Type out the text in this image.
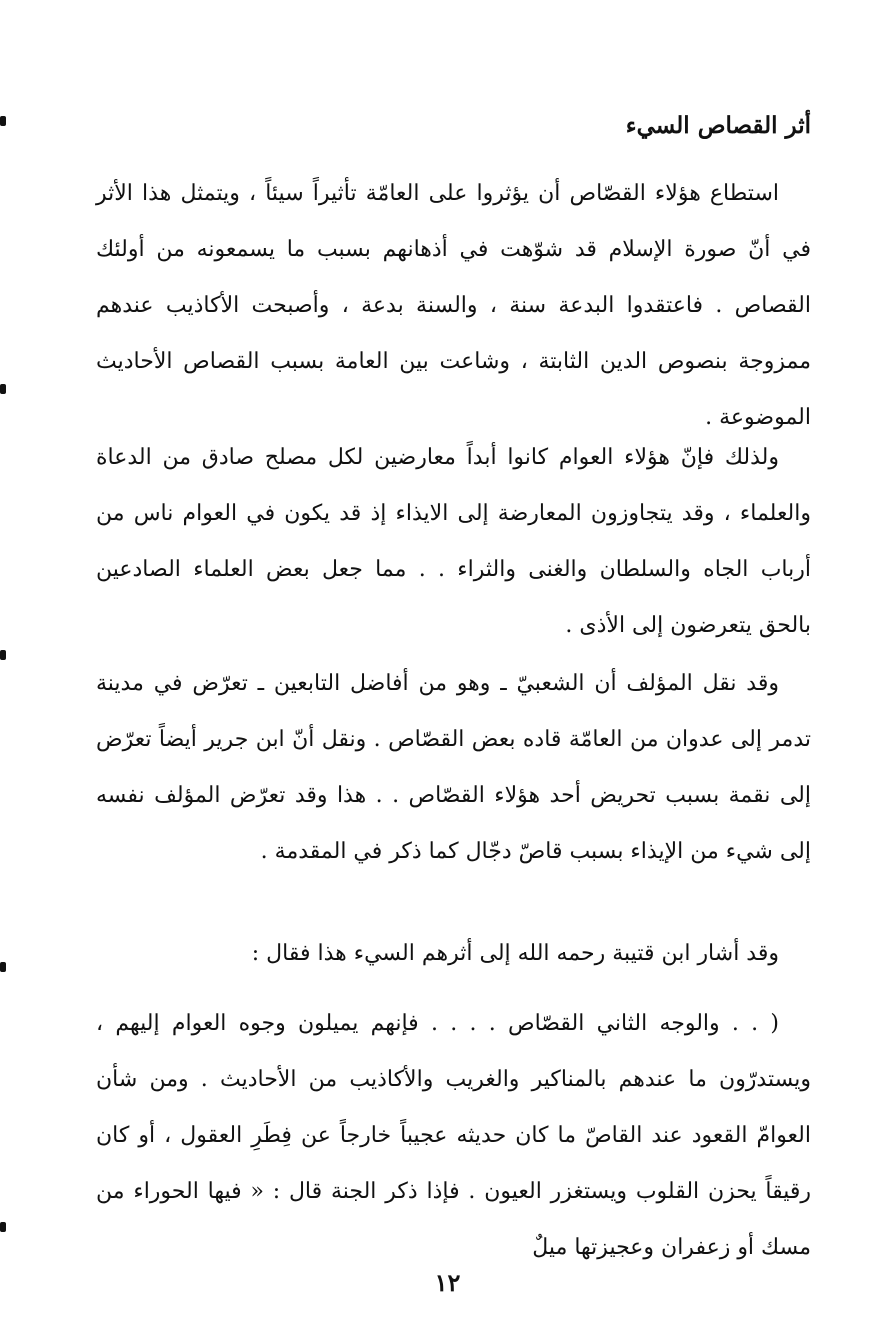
أثر القصاص السيء

استطاع هؤلاء القصّاص أن يؤثروا على العامّة تأثيراً سيئاً ، ويتمثل هذا الأثر في أنّ صورة الإسلام قد شوّهت في أذهانهم بسبب ما يسمعونه من أولئك القصاص . فاعتقدوا البدعة سنة ، والسنة بدعة ، وأصبحت الأكاذيب عندهم ممزوجة بنصوص الدين الثابتة ، وشاعت بين العامة بسبب القصاص الأحاديث الموضوعة .

ولذلك فإنّ هؤلاء العوام كانوا أبداً معارضين لكل مصلح صادق من الدعاة والعلماء ، وقد يتجاوزون المعارضة إلى الايذاء إذ قد يكون في العوام ناس من أرباب الجاه والسلطان والغنى والثراء . . مما جعل بعض العلماء الصادعين بالحق يتعرضون إلى الأذى .

وقد نقل المؤلف أن الشعبيّ ـ وهو من أفاضل التابعين ـ تعرّض في مدينة تدمر إلى عدوان من العامّة قاده بعض القصّاص . ونقل أنّ ابن جرير أيضاً تعرّض إلى نقمة بسبب تحريض أحد هؤلاء القصّاص . . هذا وقد تعرّض المؤلف نفسه إلى شيء من الإيذاء بسبب قاصّ دجّال كما ذكر في المقدمة .

وقد أشار ابن قتيبة رحمه الله إلى أثرهم السيء هذا فقال :

( . . والوجه الثاني القصّاص . . . . فإنهم يميلون وجوه العوام إليهم ، ويستدرّون ما عندهم بالمناكير والغريب والأكاذيب من الأحاديث . ومن شأن العوامّ القعود عند القاصّ ما كان حديثه عجيباً خارجاً عن فِطَرِ العقول ، أو كان رقيقاً يحزن القلوب ويستغزر العيون . فإذا ذكر الجنة قال : « فيها الحوراء من مسك أو زعفران وعجيزتها ميلٌ

١٢
